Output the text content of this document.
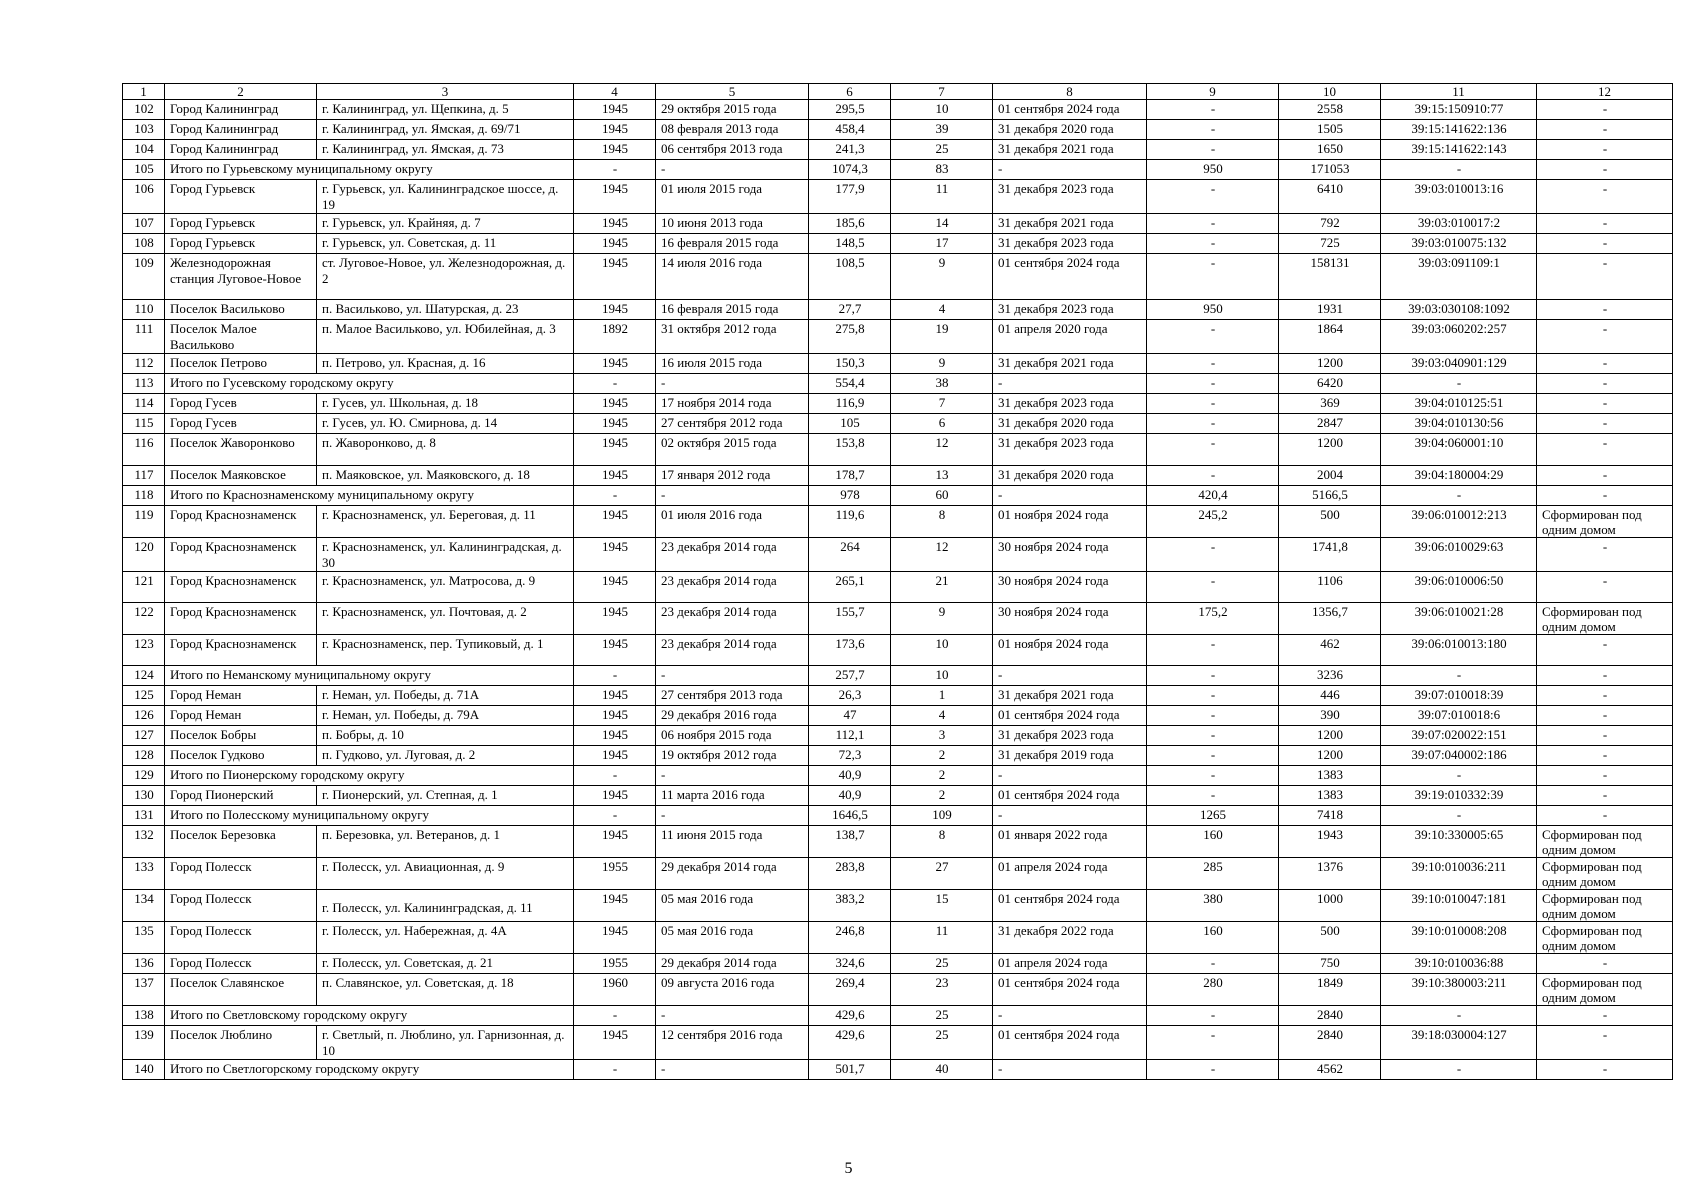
1	2	3	4	5	6	7	8	9	10	11	12
102	Город Калининград	г. Калининград, ул. Щепкина, д. 5	1945	29 октября 2015 года	295,5	10	01 сентября 2024 года	-	2558	39:15:150910:77	-
103	Город Калининград	г. Калининград, ул. Ямская, д. 69/71	1945	08 февраля 2013 года	458,4	39	31 декабря 2020 года	-	1505	39:15:141622:136	-
104	Город Калининград	г. Калининград, ул. Ямская, д. 73	1945	06 сентября 2013 года	241,3	25	31 декабря 2021 года	-	1650	39:15:141622:143	-
105	Итого по Гурьевскому муниципальному округу		-	-	1074,3	83	-	950	171053	-	-
106	Город Гурьевск	г. Гурьевск, ул. Калининградское шоссе, д. 19	1945	01 июля 2015 года	177,9	11	31 декабря 2023 года	-	6410	39:03:010013:16	-
107	Город Гурьевск	г. Гурьевск, ул. Крайняя, д. 7	1945	10 июня 2013 года	185,6	14	31 декабря 2021 года	-	792	39:03:010017:2	-
108	Город Гурьевск	г. Гурьевск, ул. Советская, д. 11	1945	16 февраля 2015 года	148,5	17	31 декабря 2023 года	-	725	39:03:010075:132	-
109	Железнодорожная станция Луговое-Новое	ст. Луговое-Новое, ул. Железнодорожная, д. 2	1945	14 июля 2016 года	108,5	9	01 сентября 2024 года	-	158131	39:03:091109:1	-
110	Поселок Васильково	п. Васильково, ул. Шатурская, д. 23	1945	16 февраля 2015 года	27,7	4	31 декабря 2023 года	950	1931	39:03:030108:1092	-
111	Поселок Малое Васильково	п. Малое Васильково, ул. Юбилейная, д. 3	1892	31 октября 2012 года	275,8	19	01 апреля 2020 года	-	1864	39:03:060202:257	-
112	Поселок Петрово	п. Петрово, ул. Красная, д. 16	1945	16 июля 2015 года	150,3	9	31 декабря 2021 года	-	1200	39:03:040901:129	-
113	Итого по Гусевскому городскому округу		-	-	554,4	38	-	-	6420	-	-
114	Город Гусев	г. Гусев, ул. Школьная, д. 18	1945	17 ноября 2014 года	116,9	7	31 декабря 2023 года	-	369	39:04:010125:51	-
115	Город Гусев	г. Гусев, ул. Ю. Смирнова, д. 14	1945	27 сентября 2012 года	105	6	31 декабря 2020 года	-	2847	39:04:010130:56	-
116	Поселок Жаворонково	п. Жаворонково, д. 8	1945	02 октября 2015 года	153,8	12	31 декабря 2023 года	-	1200	39:04:060001:10	-
117	Поселок Маяковское	п. Маяковское, ул. Маяковского, д. 18	1945	17 января 2012 года	178,7	13	31 декабря 2020 года	-	2004	39:04:180004:29	-
118	Итого по Краснознаменскому муниципальному округу		-	-	978	60	-	420,4	5166,5	-	-
119	Город Краснознаменск	г. Краснознаменск, ул. Береговая, д. 11	1945	01 июля 2016 года	119,6	8	01 ноября 2024 года	245,2	500	39:06:010012:213	Сформирован под одним домом
120	Город Краснознаменск	г. Краснознаменск, ул. Калининградская, д. 30	1945	23 декабря 2014 года	264	12	30 ноября 2024 года	-	1741,8	39:06:010029:63	-
121	Город Краснознаменск	г. Краснознаменск, ул. Матросова, д. 9	1945	23 декабря 2014 года	265,1	21	30 ноября 2024 года	-	1106	39:06:010006:50	-
122	Город Краснознаменск	г. Краснознаменск, ул. Почтовая, д. 2	1945	23 декабря 2014 года	155,7	9	30 ноября 2024 года	175,2	1356,7	39:06:010021:28	Сформирован под одним домом
123	Город Краснознаменск	г. Краснознаменск, пер. Тупиковый, д. 1	1945	23 декабря 2014 года	173,6	10	01 ноября 2024 года	-	462	39:06:010013:180	-
124	Итого по Неманскому муниципальному округу		-	-	257,7	10	-	-	3236	-	-
125	Город Неман	г. Неман, ул. Победы, д. 71А	1945	27 сентября 2013 года	26,3	1	31 декабря 2021 года	-	446	39:07:010018:39	-
126	Город Неман	г. Неман, ул. Победы, д. 79А	1945	29 декабря 2016 года	47	4	01 сентября 2024 года	-	390	39:07:010018:6	-
127	Поселок Бобры	п. Бобры, д. 10	1945	06 ноября 2015 года	112,1	3	31 декабря 2023 года	-	1200	39:07:020022:151	-
128	Поселок Гудково	п. Гудково, ул. Луговая, д. 2	1945	19 октября 2012 года	72,3	2	31 декабря 2019 года	-	1200	39:07:040002:186	-
129	Итого по Пионерскому городскому округу		-	-	40,9	2	-	-	1383	-	-
130	Город Пионерский	г. Пионерский, ул. Степная, д. 1	1945	11 марта 2016 года	40,9	2	01 сентября 2024 года	-	1383	39:19:010332:39	-
131	Итого по Полесскому муниципальному округу		-	-	1646,5	109	-	1265	7418	-	-
132	Поселок Березовка	п. Березовка, ул. Ветеранов, д. 1	1945	11 июня 2015 года	138,7	8	01 января 2022 года	160	1943	39:10:330005:65	Сформирован под одним домом
133	Город Полесск	г. Полесск, ул. Авиационная, д. 9	1955	29 декабря 2014 года	283,8	27	01 апреля 2024 года	285	1376	39:10:010036:211	Сформирован под одним домом
134	Город Полесск	г. Полесск, ул. Калининградская, д. 11	1945	05 мая 2016 года	383,2	15	01 сентября 2024 года	380	1000	39:10:010047:181	Сформирован под одним домом
135	Город Полесск	г. Полесск, ул. Набережная, д. 4А	1945	05 мая 2016 года	246,8	11	31 декабря 2022 года	160	500	39:10:010008:208	Сформирован под одним домом
136	Город Полесск	г. Полесск, ул. Советская, д. 21	1955	29 декабря 2014 года	324,6	25	01 апреля 2024 года	-	750	39:10:010036:88	-
137	Поселок Славянское	п. Славянское, ул. Советская, д. 18	1960	09 августа 2016 года	269,4	23	01 сентября 2024 года	280	1849	39:10:380003:211	Сформирован под одним домом
138	Итого по Светловскому городскому округу		-	-	429,6	25	-	-	2840	-	-
139	Поселок Люблино	г. Светлый, п. Люблино, ул. Гарнизонная, д. 10	1945	12 сентября 2016 года	429,6	25	01 сентября 2024 года	-	2840	39:18:030004:127	-
140	Итого по Светлогорскому городскому округу		-	-	501,7	40	-	-	4562	-	-
5
